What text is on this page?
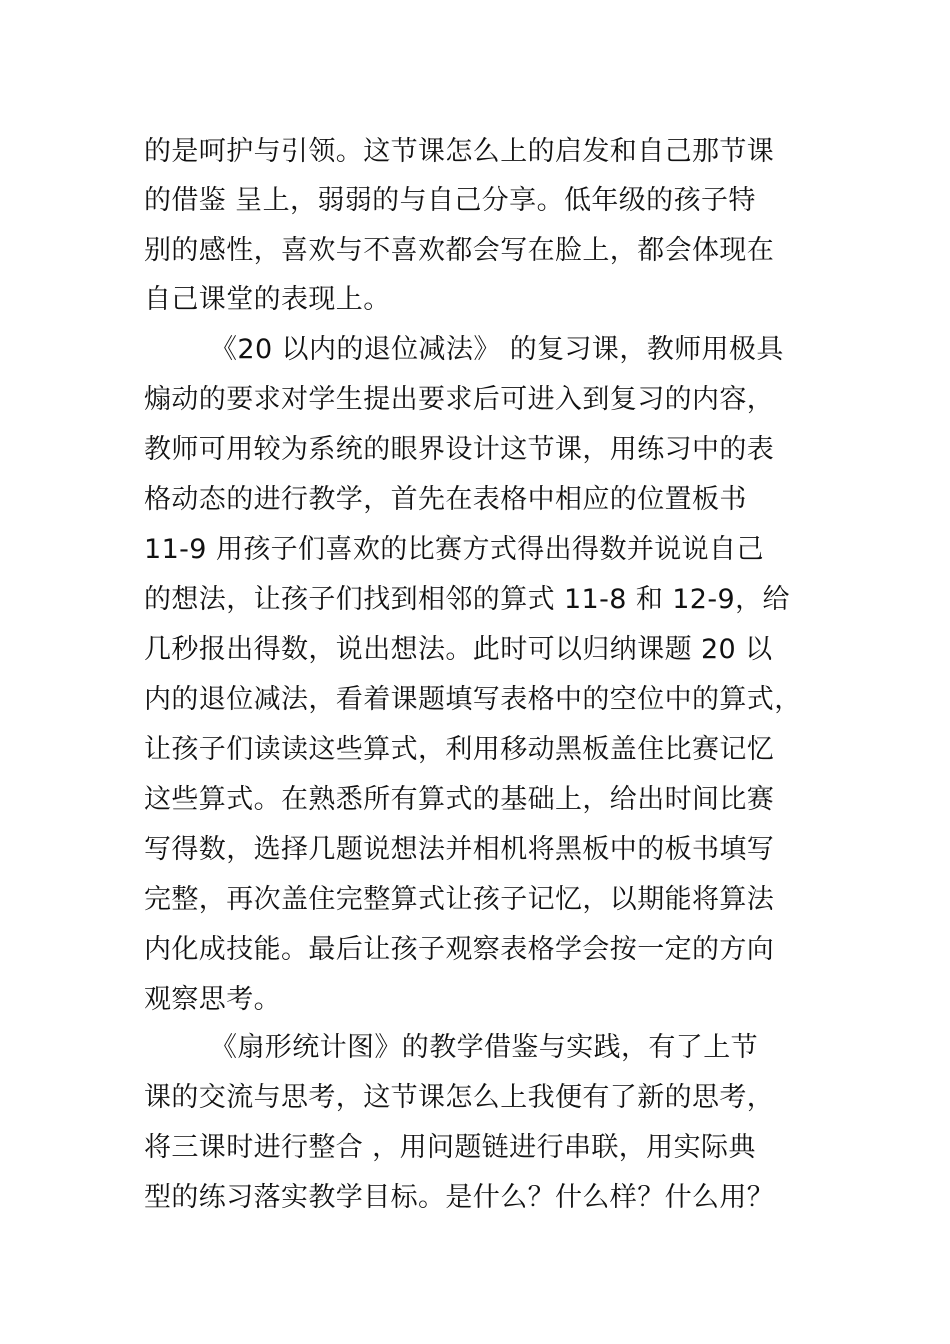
的是呵护与引领。这节课怎么上的启发和自己那节课
的借鉴 呈上，弱弱的与自己分享。低年级的孩子特
别的感性，喜欢与不喜欢都会写在脸上，都会体现在
自己课堂的表现上。
《20 以内的退位减法》 的复习课，教师用极具
煽动的要求对学生提出要求后可进入到复习的内容，
教师可用较为系统的眼界设计这节课，用练习中的表
格动态的进行教学，首先在表格中相应的位置板书
11-9 用孩子们喜欢的比赛方式得出得数并说说自己
的想法，让孩子们找到相邻的算式 11-8 和 12-9，给
几秒报出得数，说出想法。此时可以归纳课题 20 以
内的退位减法，看着课题填写表格中的空位中的算式，
让孩子们读读这些算式，利用移动黑板盖住比赛记忆
这些算式。在熟悉所有算式的基础上，给出时间比赛
写得数，选择几题说想法并相机将黑板中的板书填写
完整，再次盖住完整算式让孩子记忆，以期能将算法
内化成技能。最后让孩子观察表格学会按一定的方向
观察思考。
《扇形统计图》的教学借鉴与实践，有了上节
课的交流与思考，这节课怎么上我便有了新的思考，
将三课时进行整合 ，用问题链进行串联，用实际典
型的练习落实教学目标。是什么？什么样？什么用？
